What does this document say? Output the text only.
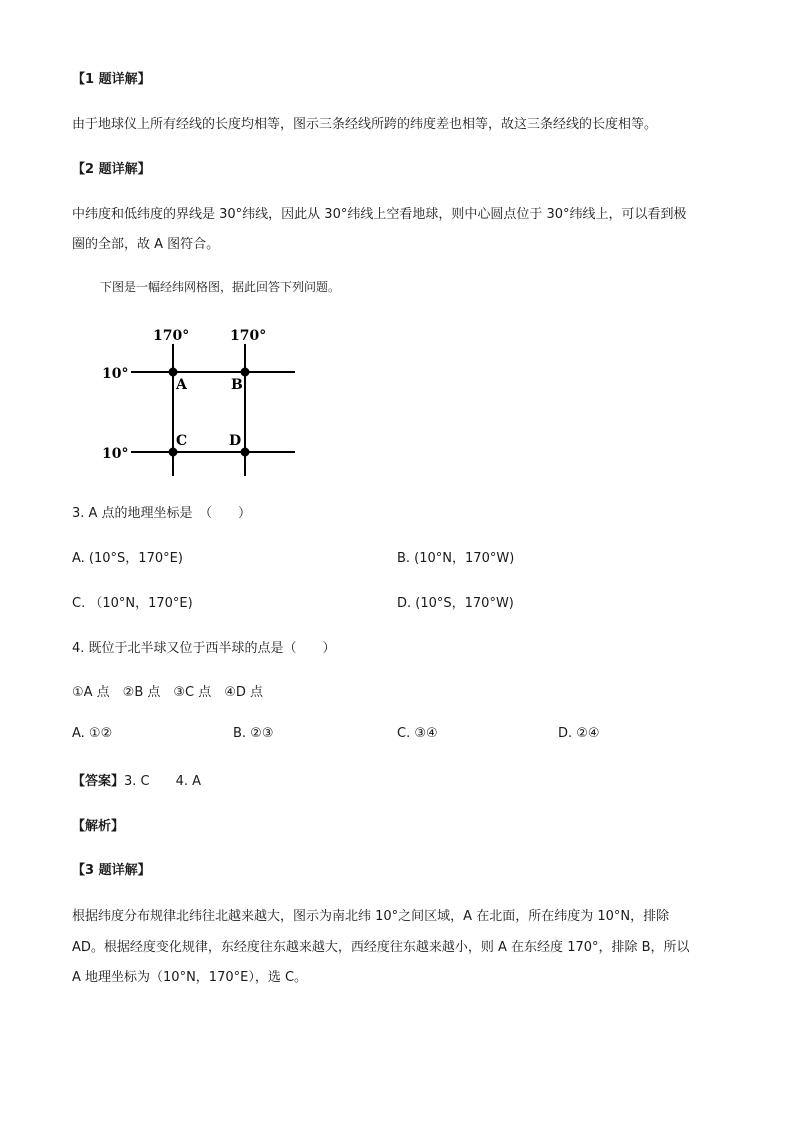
【1 题详解】
由于地球仪上所有经线的长度均相等，图示三条经线所跨的纬度差也相等，故这三条经线的长度相等。
【2 题详解】
中纬度和低纬度的界线是 30°纬线，因此从 30°纬线上空看地球，则中心圆点位于 30°纬线上，可以看到极
圈的全部，故 A 图符合。
下图是一幅经纬网格图，据此回答下列问题。
170°	170°
10°
10°
A	B
C	D
3. A 点的地理坐标是　（　　）
A. (10°S，170°E)	B. (10°N，170°W)
C. （10°N，170°E)	D. (10°S，170°W)
4. 既位于北半球又位于西半球的点是（　　）
①A 点　②B 点　③C 点　④D 点
A. ①②	B. ②③	C. ③④	D. ②④
【答案】3. C　　4. A
【解析】
【3 题详解】
根据纬度分布规律北纬往北越来越大，图示为南北纬 10°之间区域，A 在北面，所在纬度为 10°N，排除
AD。根据经度变化规律，东经度往东越来越大，西经度往东越来越小，则 A 在东经度 170°，排除 B，所以
A 地理坐标为（10°N，170°E），选 C。
